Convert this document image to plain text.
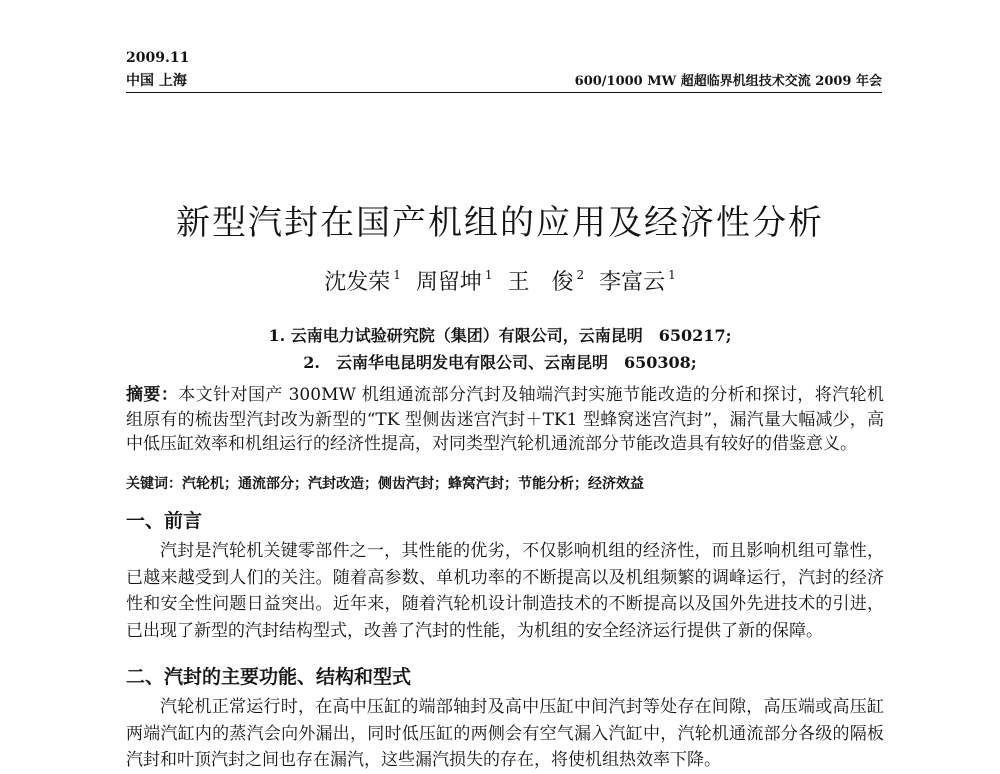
2009.11
中国 上海	600/1000 MW 超超临界机组技术交流 2009 年会
新型汽封在国产机组的应用及经济性分析
沈发荣 $^1$ 周留坤 $^1$ 王　俊 $^2$ 李富云 $^1$
1. 云南电力试验研究院（集团）有限公司，云南昆明　650217;
2.　云南华电昆明发电有限公司、云南昆明　650308;
摘要：本文针对国产 300MW 机组通流部分汽封及轴端汽封实施节能改造的分析和探讨，将汽轮机组原有的梳齿型汽封改为新型的“TK 型侧齿迷宫汽封＋TK1 型蜂窝迷宫汽封”，漏汽量大幅减少，高中低压缸效率和机组运行的经济性提高，对同类型汽轮机通流部分节能改造具有较好的借鉴意义。
关键词：汽轮机；通流部分；汽封改造；侧齿汽封；蜂窝汽封；节能分析；经济效益
一、前言
汽封是汽轮机关键零部件之一，其性能的优劣，不仅影响机组的经济性，而且影响机组可靠性，已越来越受到人们的关注。随着高参数、单机功率的不断提高以及机组频繁的调峰运行，汽封的经济性和安全性问题日益突出。近年来，随着汽轮机设计制造技术的不断提高以及国外先进技术的引进，已出现了新型的汽封结构型式，改善了汽封的性能，为机组的安全经济运行提供了新的保障。
二、汽封的主要功能、结构和型式
汽轮机正常运行时，在高中压缸的端部轴封及高中压缸中间汽封等处存在间隙，高压端或高压缸两端汽缸内的蒸汽会向外漏出，同时低压缸的两侧会有空气漏入汽缸中，汽轮机通流部分各级的隔板汽封和叶顶汽封之间也存在漏汽，这些漏汽损失的存在，将使机组热效率下降。
